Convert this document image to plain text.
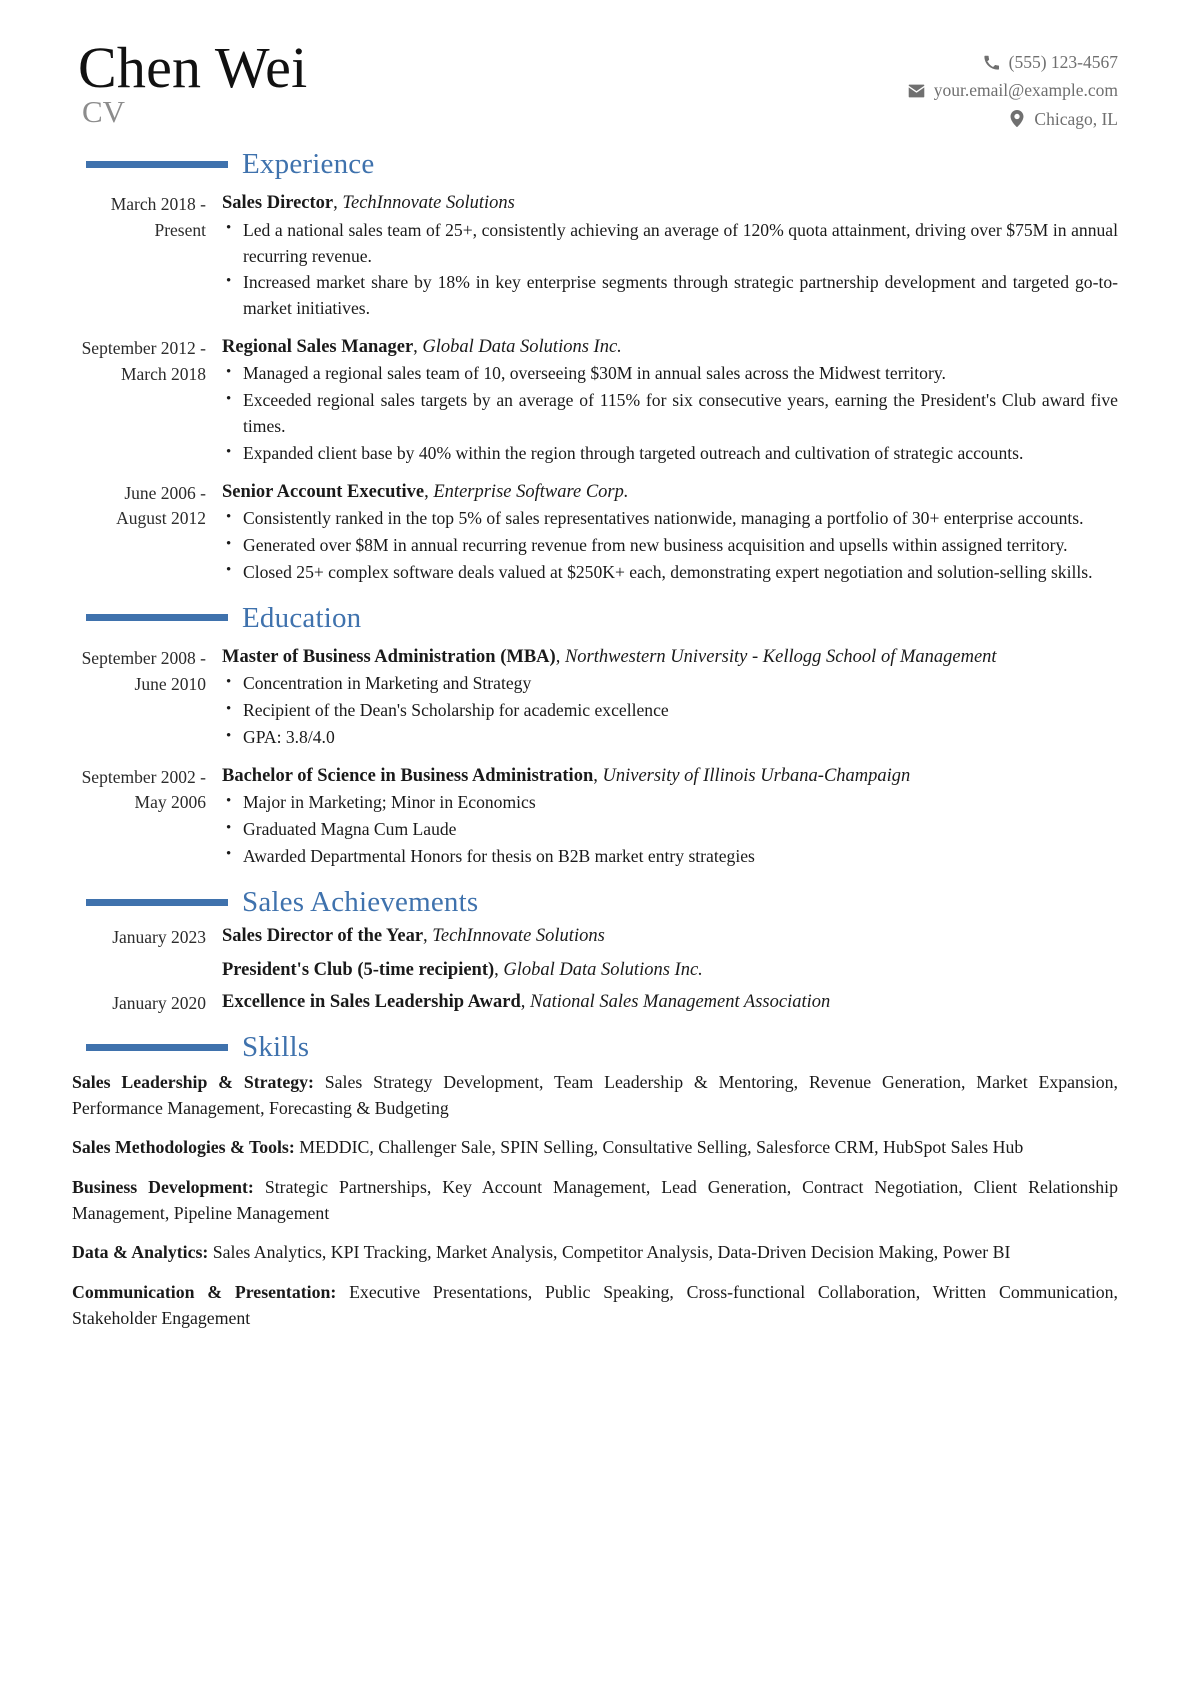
Chen Wei
CV
(555) 123-4567
your.email@example.com
Chicago, IL
Experience
March 2018 - Present
Sales Director, TechInnovate Solutions
• Led a national sales team of 25+, consistently achieving an average of 120% quota attainment, driving over $75M in annual recurring revenue.
• Increased market share by 18% in key enterprise segments through strategic partnership development and targeted go-to-market initiatives.
September 2012 - March 2018
Regional Sales Manager, Global Data Solutions Inc.
• Managed a regional sales team of 10, overseeing $30M in annual sales across the Midwest territory.
• Exceeded regional sales targets by an average of 115% for six consecutive years, earning the President's Club award five times.
• Expanded client base by 40% within the region through targeted outreach and cultivation of strategic accounts.
June 2006 - August 2012
Senior Account Executive, Enterprise Software Corp.
• Consistently ranked in the top 5% of sales representatives nationwide, managing a portfolio of 30+ enterprise accounts.
• Generated over $8M in annual recurring revenue from new business acquisition and upsells within assigned territory.
• Closed 25+ complex software deals valued at $250K+ each, demonstrating expert negotiation and solution-selling skills.
Education
September 2008 - June 2010
Master of Business Administration (MBA), Northwestern University - Kellogg School of Management
• Concentration in Marketing and Strategy
• Recipient of the Dean's Scholarship for academic excellence
• GPA: 3.8/4.0
September 2002 - May 2006
Bachelor of Science in Business Administration, University of Illinois Urbana-Champaign
• Major in Marketing; Minor in Economics
• Graduated Magna Cum Laude
• Awarded Departmental Honors for thesis on B2B market entry strategies
Sales Achievements
January 2023 Sales Director of the Year, TechInnovate Solutions
President's Club (5-time recipient), Global Data Solutions Inc.
January 2020 Excellence in Sales Leadership Award, National Sales Management Association
Skills
Sales Leadership & Strategy: Sales Strategy Development, Team Leadership & Mentoring, Revenue Generation, Market Expansion, Performance Management, Forecasting & Budgeting
Sales Methodologies & Tools: MEDDIC, Challenger Sale, SPIN Selling, Consultative Selling, Salesforce CRM, HubSpot Sales Hub
Business Development: Strategic Partnerships, Key Account Management, Lead Generation, Contract Negotiation, Client Relationship Management, Pipeline Management
Data & Analytics: Sales Analytics, KPI Tracking, Market Analysis, Competitor Analysis, Data-Driven Decision Making, Power BI
Communication & Presentation: Executive Presentations, Public Speaking, Cross-functional Collaboration, Written Communication, Stakeholder Engagement
